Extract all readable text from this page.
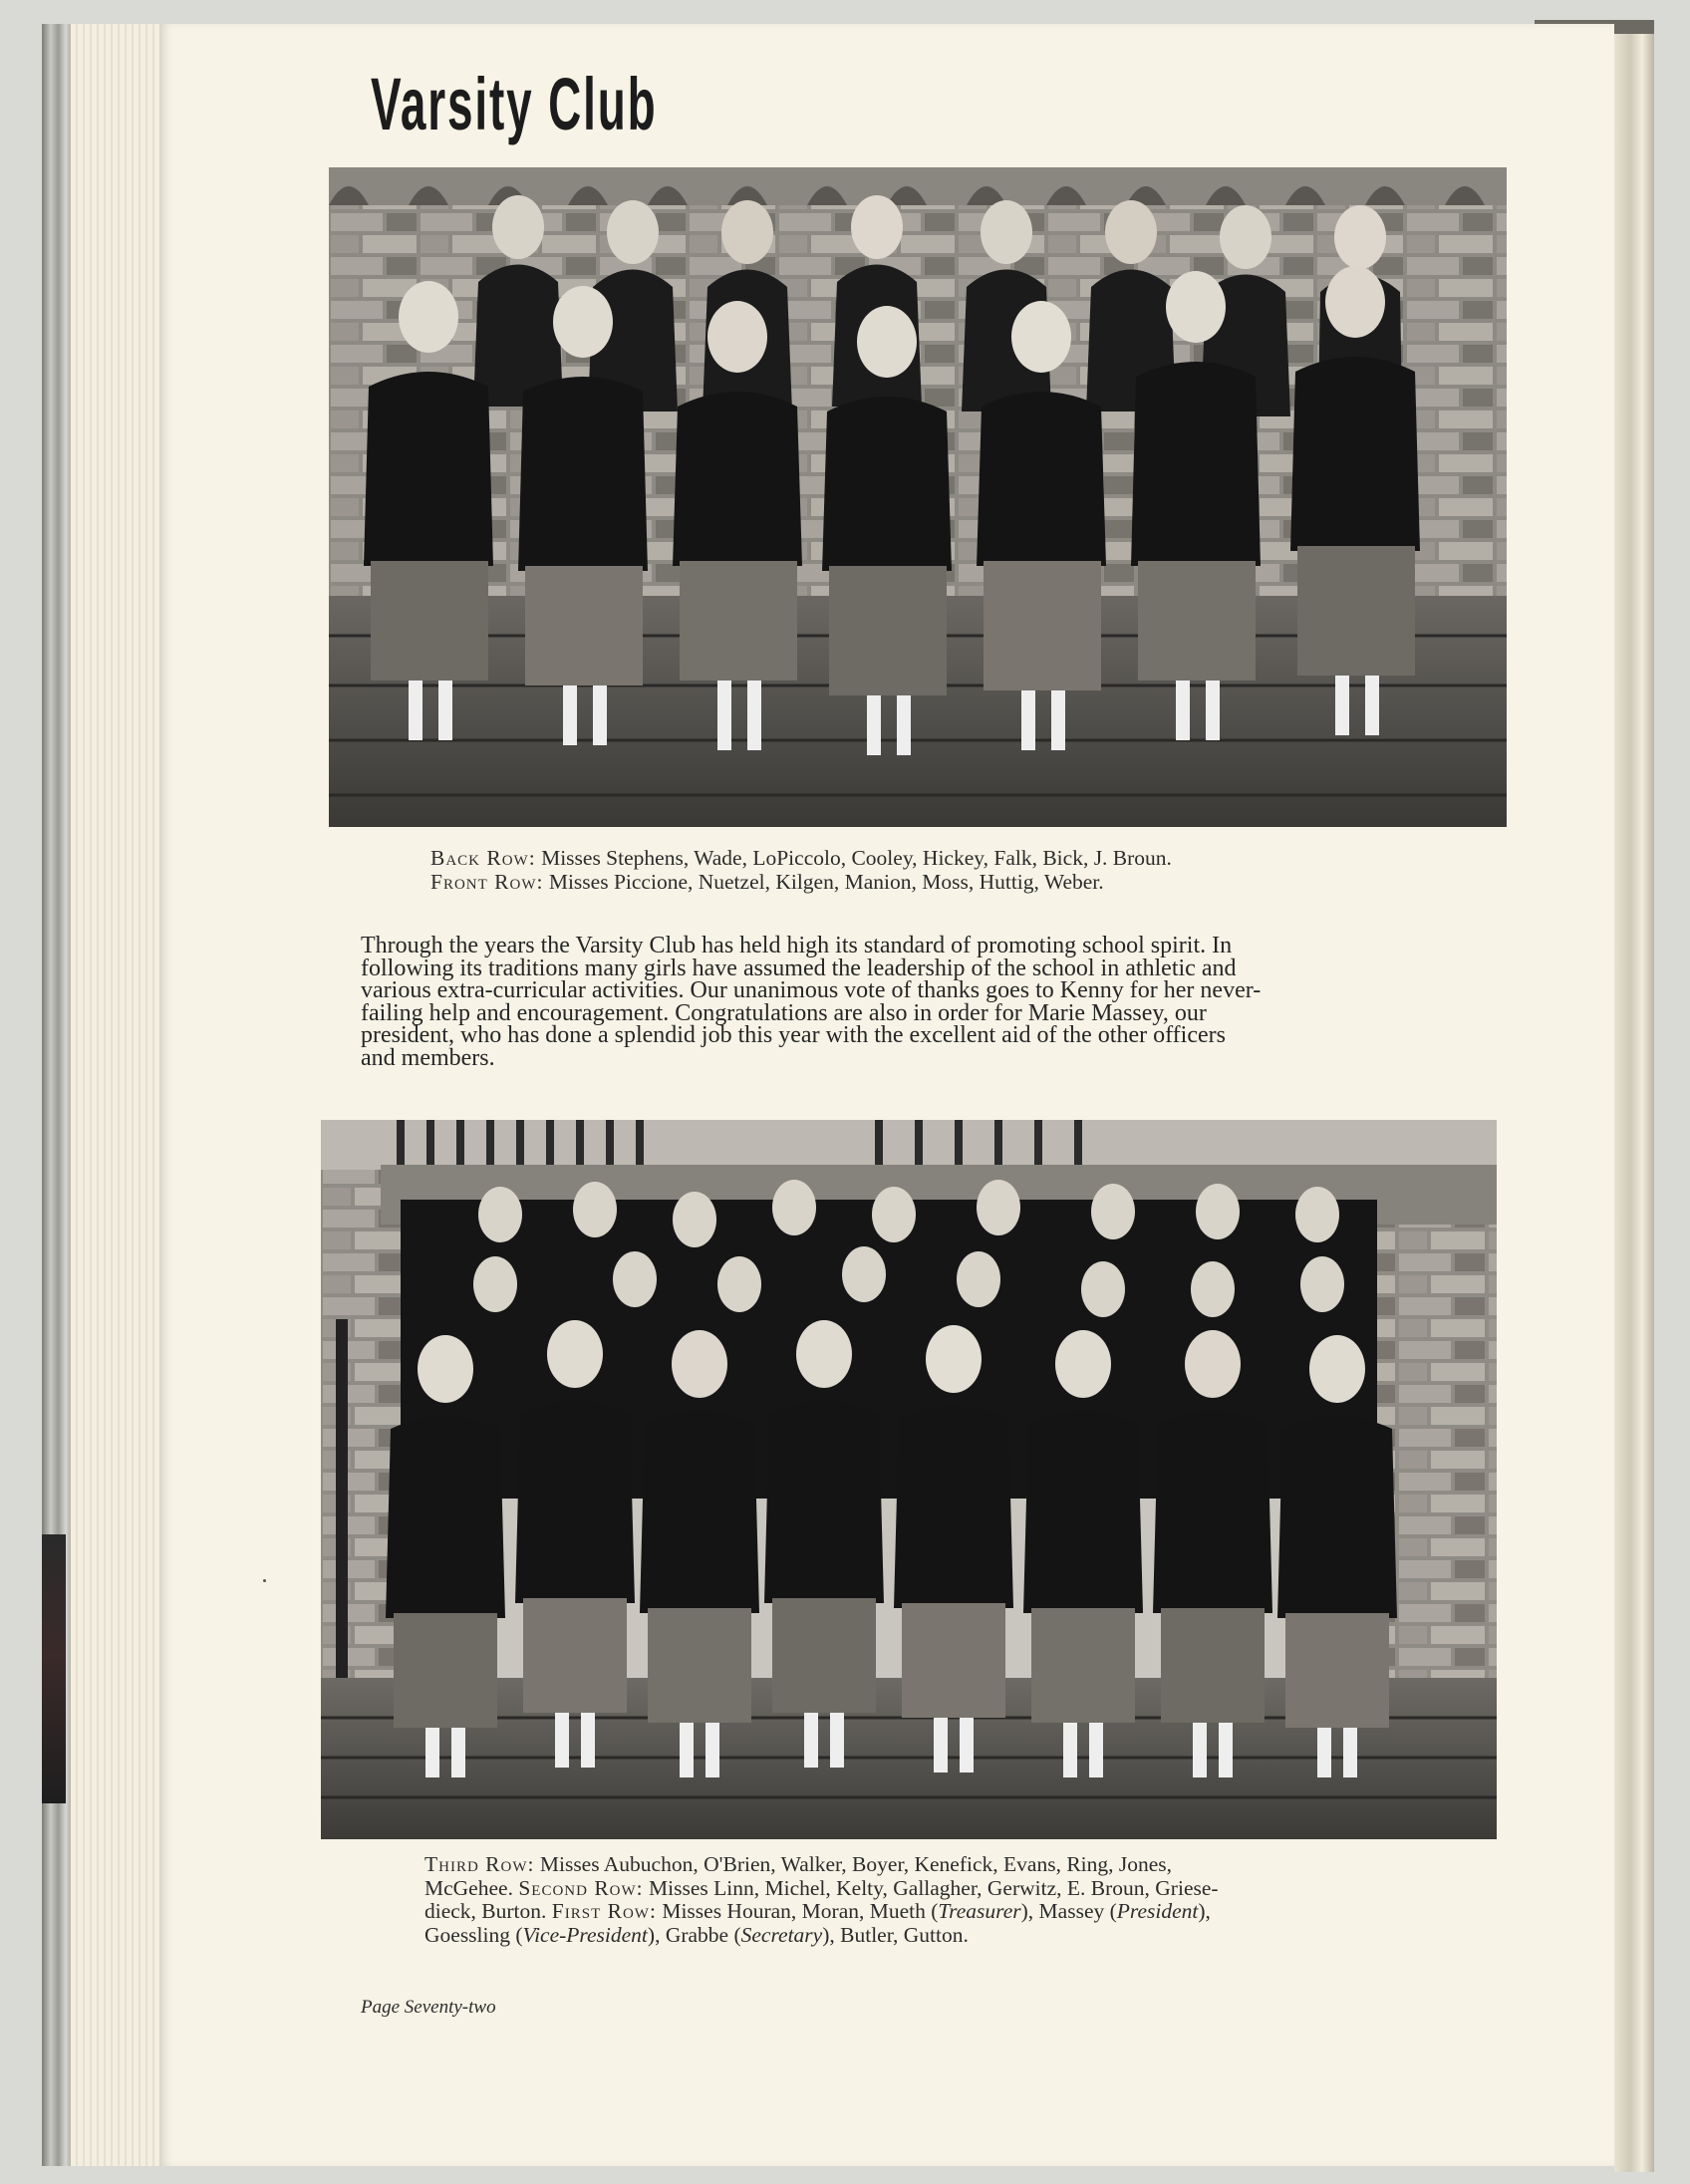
Varsity Club
Back Row: Misses Stephens, Wade, LoPiccolo, Cooley, Hickey, Falk, Bick, J. Broun.
Front Row: Misses Piccione, Nuetzel, Kilgen, Manion, Moss, Huttig, Weber.

Through the years the Varsity Club has held high its standard of promoting school spirit. In

following its traditions many girls have assumed the leadership of the school in athletic and

various extra-curricular activities. Our unanimous vote of thanks goes to Kenny for her never-

failing help and encouragement. Congratulations are also in order for Marie Massey, our

president, who has done a splendid job this year with the excellent aid of the other officers

and members.

Third Row: Misses Aubuchon, O'Brien, Walker, Boyer, Kenefick, Evans, Ring, Jones,

McGehee. Second Row: Misses Linn, Michel, Kelty, Gallagher, Gerwitz, E. Broun, Griese-

dieck, Burton. First Row: Misses Houran, Moran, Mueth (Treasurer), Massey (President),

Goessling (Vice-President), Grabbe (Secretary), Butler, Gutton.

Page Seventy-two
